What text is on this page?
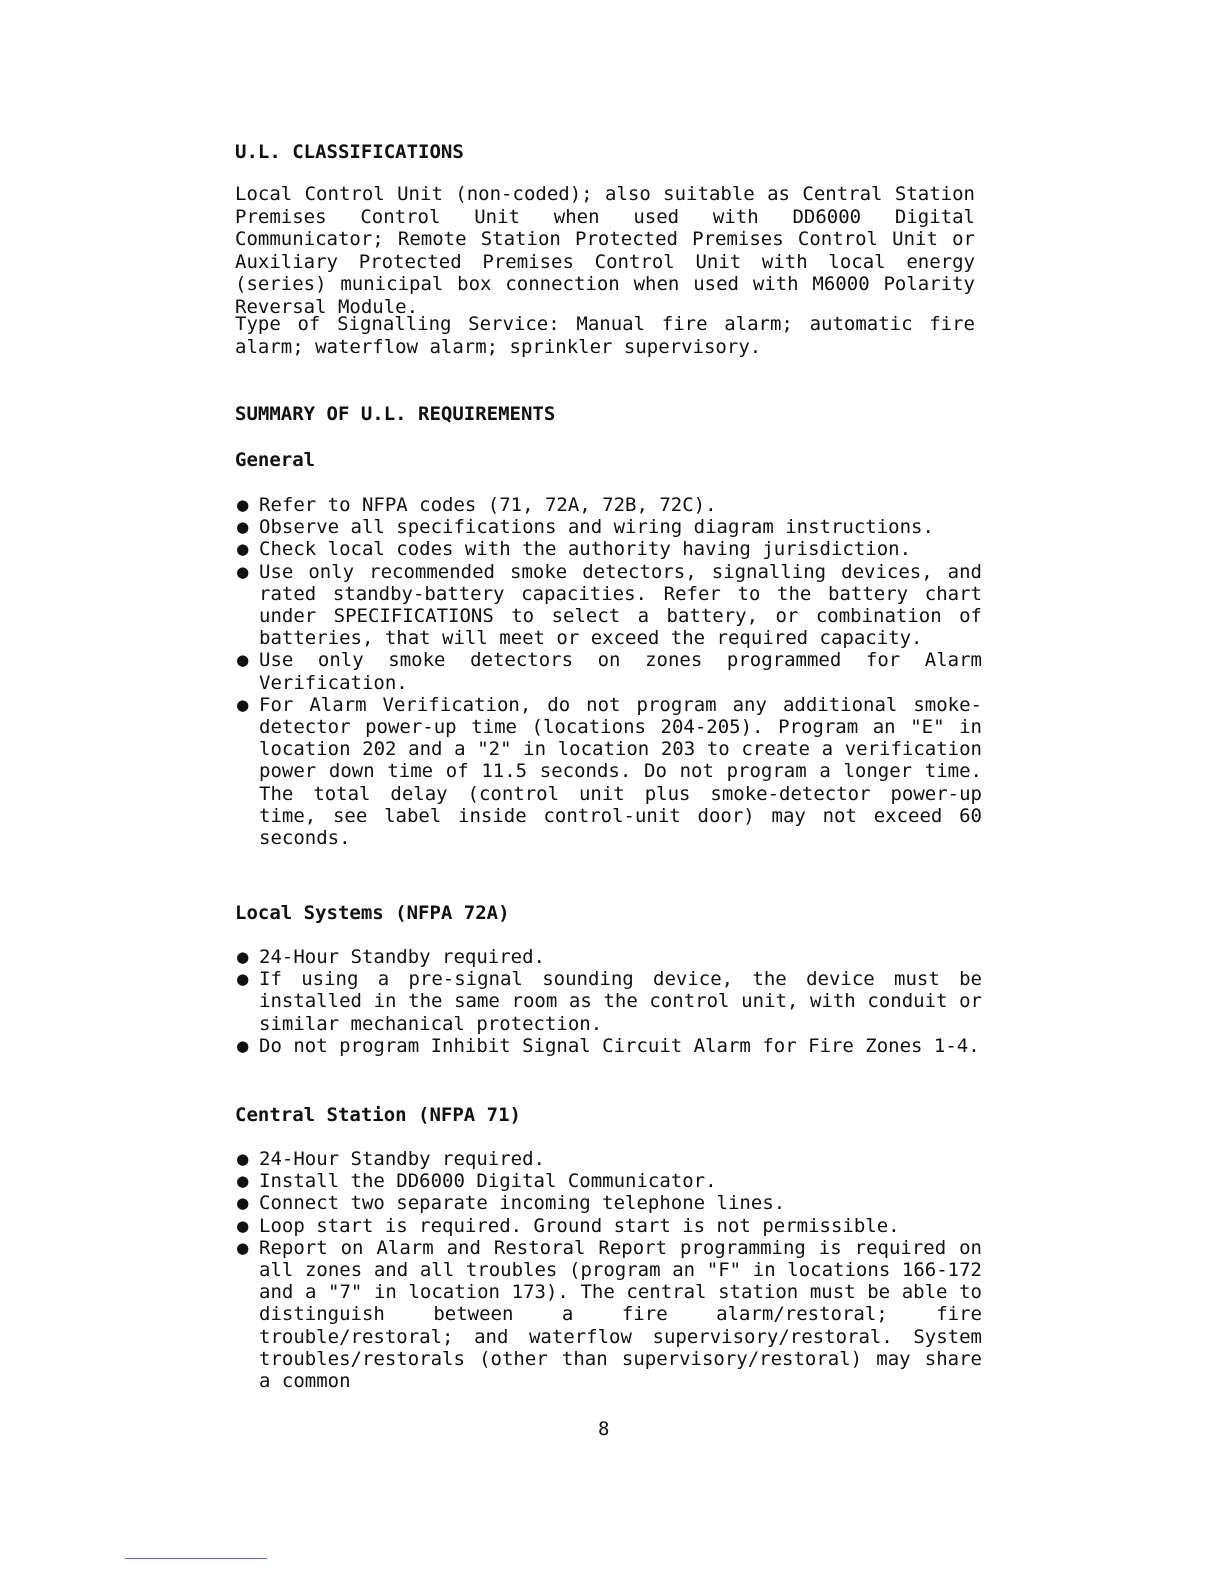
U.L. CLASSIFICATIONS

Local Control Unit (non-coded); also suitable as Central Station Premises Control Unit when used with DD6000 Digital Communicator; Remote Station Protected Premises Control Unit or Auxiliary Protected Premises Control Unit with local energy (series) municipal box connection when used with M6000 Polarity Reversal Module.

Type of Signalling Service: Manual fire alarm; automatic fire alarm; waterflow alarm; sprinkler supervisory.

SUMMARY OF U.L. REQUIREMENTS
General
● Refer to NFPA codes (71, 72A, 72B, 72C).
● Observe all specifications and wiring diagram instructions.
● Check local codes with the authority having jurisdiction.
● Use only recommended smoke detectors, signalling devices, and rated standby-battery capacities. Refer to the battery chart under SPECIFICATIONS to select a battery, or combination of batteries, that will meet or exceed the required capacity.
● Use only smoke detectors on zones programmed for Alarm Verification.
● For Alarm Verification, do not program any additional smoke-detector power-up time (locations 204-205). Program an "E" in location 202 and a "2" in location 203 to create a verification power down time of 11.5 seconds. Do not program a longer time. The total delay (control unit plus smoke-detector power-up time, see label inside control-unit door) may not exceed 60 seconds.
Local Systems (NFPA 72A)
● 24-Hour Standby required.
● If using a pre-signal sounding device, the device must be installed in the same room as the control unit, with conduit or similar mechanical protection.
● Do not program Inhibit Signal Circuit Alarm for Fire Zones 1-4.
Central Station (NFPA 71)
● 24-Hour Standby required.
● Install the DD6000 Digital Communicator.
● Connect two separate incoming telephone lines.
● Loop start is required. Ground start is not permissible.
● Report on Alarm and Restoral Report programming is required on all zones and all troubles (program an "F" in locations 166-172 and a "7" in location 173). The central station must be able to distinguish between a fire alarm/restoral; fire trouble/restoral; and waterflow supervisory/restoral. System troubles/restorals (other than supervisory/restoral) may share a common
8
